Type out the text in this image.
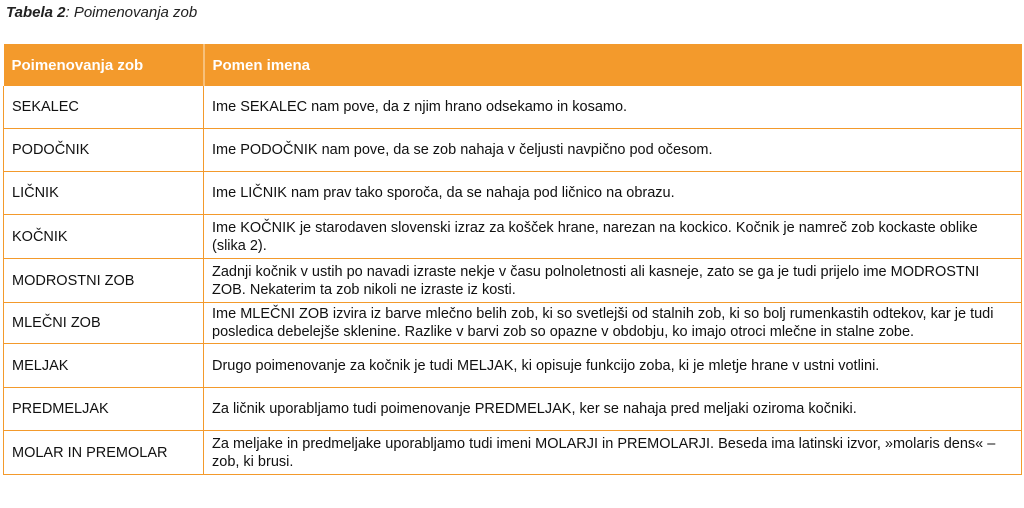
Tabela 2: Poimenovanja zob
Poimenovanja zob	Pomen imena
SEKALEC	Ime SEKALEC nam pove, da z njim hrano odsekamo in kosamo.
PODOČNIK	Ime PODOČNIK nam pove, da se zob nahaja v čeljusti navpično pod očesom.
LIČNIK	Ime LIČNIK nam prav tako sporoča, da se nahaja pod ličnico na obrazu.
KOČNIK	Ime KOČNIK je starodaven slovenski izraz za košček hrane, narezan na kockico. Kočnik je namreč zob kockaste oblike (slika 2).
MODROSTNI ZOB	Zadnji kočnik v ustih po navadi izraste nekje v času polnoletnosti ali kasneje, zato se ga je tudi prijelo ime MODROSTNI ZOB. Nekaterim ta zob nikoli ne izraste iz kosti.
MLEČNI ZOB	Ime MLEČNI ZOB izvira iz barve mlečno belih zob, ki so svetlejši od stalnih zob, ki so bolj rumenkastih odtekov, kar je tudi posledica debelejše sklenine. Razlike v barvi zob so opazne v obdobju, ko imajo otroci mlečne in stalne zobe.
MELJAK	Drugo poimenovanje za kočnik je tudi MELJAK, ki opisuje funkcijo zoba, ki je mletje hrane v ustni votlini.
PREDMELJAK	Za ličnik uporabljamo tudi poimenovanje PREDMELJAK, ker se nahaja pred meljaki oziroma kočniki.
MOLAR IN PREMOLAR	Za meljake in predmeljake uporabljamo tudi imeni MOLARJI in PREMOLARJI. Beseda ima latinski izvor, »molaris dens« – zob, ki brusi.
